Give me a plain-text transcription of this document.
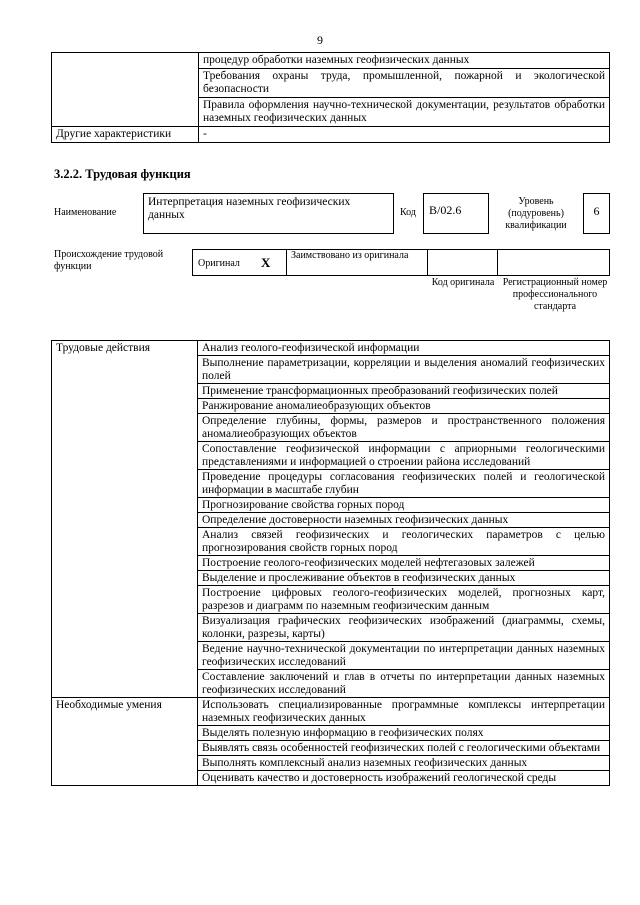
9
	процедур обработки наземных геофизических данных
	Требования охраны труда, промышленной, пожарной и экологической безопасности
	Правила оформления научно-технической документации, результатов обработки наземных геофизических данных
Другие характеристики	-
3.2.2. Трудовая функция
Наименование
Интерпретация наземных геофизических данных	Код	B/02.6
Уровень (подуровень) квалификации
6
Происхождение трудовой функции	Оригинал X	Заимствовано из оригинала
Код оригинала Регистрационный номер профессионального стандарта
Трудовые действия	Анализ геолого-геофизической информации
	Выполнение параметризации, корреляции и выделения аномалий геофизических полей
	Применение трансформационных преобразований геофизических полей
	Ранжирование аномалиеобразующих объектов
	Определение глубины, формы, размеров и пространственного положения аномалиеобразующих объектов
	Сопоставление геофизической информации с априорными геологическими представлениями и информацией о строении района исследований
	Проведение процедуры согласования геофизических полей и геологической информации в масштабе глубин
	Прогнозирование свойства горных пород
	Определение достоверности наземных геофизических данных
	Анализ связей геофизических и геологических параметров с целью прогнозирования свойств горных пород
	Построение геолого-геофизических моделей нефтегазовых залежей
	Выделение и прослеживание объектов в геофизических данных
	Построение цифровых геолого-геофизических моделей, прогнозных карт, разрезов и диаграмм по наземным геофизическим данным
	Визуализация графических геофизических изображений (диаграммы, схемы, колонки, разрезы, карты)
	Ведение научно-технической документации по интерпретации данных наземных геофизических исследований
	Составление заключений и глав в отчеты по интерпретации данных наземных геофизических исследований
Необходимые умения	Использовать специализированные программные комплексы интерпретации наземных геофизических данных
	Выделять полезную информацию в геофизических полях
	Выявлять связь особенностей геофизических полей с геологическими объектами
	Выполнять комплексный анализ наземных геофизических данных
	Оценивать качество и достоверность изображений геологической среды
